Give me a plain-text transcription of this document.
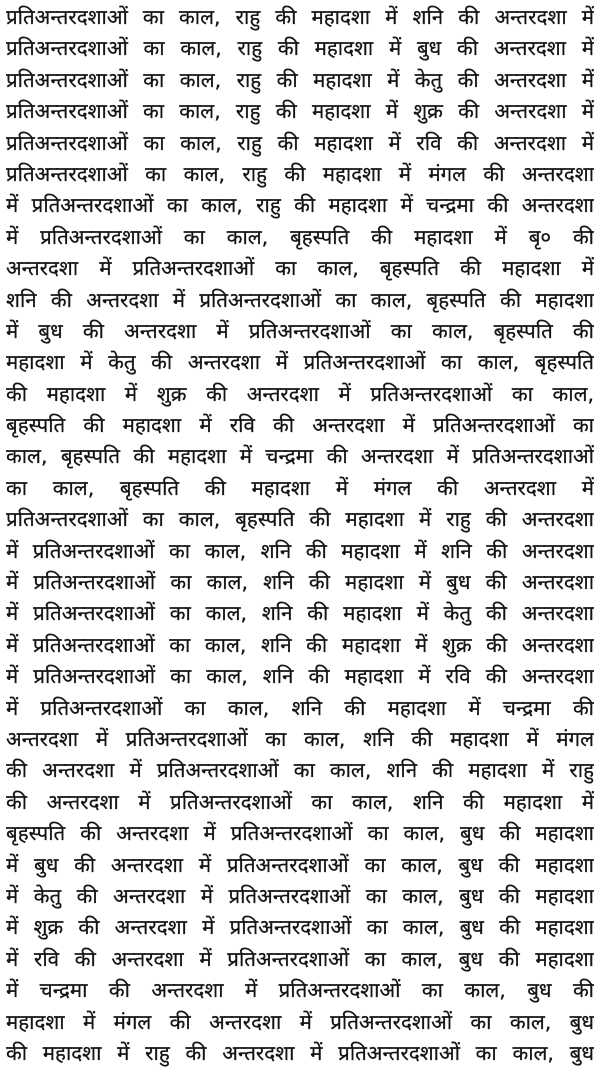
प्रतिअन्तरदशाओं का काल, राहु की महादशा में शनि की अन्तरदशा में
प्रतिअन्तरदशाओं का काल, राहु की महादशा में बुध की अन्तरदशा में
प्रतिअन्तरदशाओं का काल, राहु की महादशा में केतु की अन्तरदशा में
प्रतिअन्तरदशाओं का काल, राहु की महादशा में शुक्र की अन्तरदशा में
प्रतिअन्तरदशाओं का काल, राहु की महादशा में रवि की अन्तरदशा में
प्रतिअन्तरदशाओं का काल, राहु की महादशा में मंगल की अन्तरदशा
में प्रतिअन्तरदशाओं का काल, राहु की महादशा में चन्द्रमा की अन्तरदशा
में प्रतिअन्तरदशाओं का काल, बृहस्पति की महादशा में बृ० की
अन्तरदशा में प्रतिअन्तरदशाओं का काल, बृहस्पति की महादशा में
शनि की अन्तरदशा में प्रतिअन्तरदशाओं का काल, बृहस्पति की महादशा
में बुध की अन्तरदशा में प्रतिअन्तरदशाओं का काल, बृहस्पति की
महादशा में केतु की अन्तरदशा में प्रतिअन्तरदशाओं का काल, बृहस्पति
की महादशा में शुक्र की अन्तरदशा में प्रतिअन्तरदशाओं का काल,
बृहस्पति की महादशा में रवि की अन्तरदशा में प्रतिअन्तरदशाओं का
काल, बृहस्पति की महादशा में चन्द्रमा की अन्तरदशा में प्रतिअन्तरदशाओं
का काल, बृहस्पति की महादशा में मंगल की अन्तरदशा में
प्रतिअन्तरदशाओं का काल, बृहस्पति की महादशा में राहु की अन्तरदशा
में प्रतिअन्तरदशाओं का काल, शनि की महादशा में शनि की अन्तरदशा
में प्रतिअन्तरदशाओं का काल, शनि की महादशा में बुध की अन्तरदशा
में प्रतिअन्तरदशाओं का काल, शनि की महादशा में केतु की अन्तरदशा
में प्रतिअन्तरदशाओं का काल, शनि की महादशा में शुक्र की अन्तरदशा
में प्रतिअन्तरदशाओं का काल, शनि की महादशा में रवि की अन्तरदशा
में प्रतिअन्तरदशाओं का काल, शनि की महादशा में चन्द्रमा की
अन्तरदशा में प्रतिअन्तरदशाओं का काल, शनि की महादशा में मंगल
की अन्तरदशा में प्रतिअन्तरदशाओं का काल, शनि की महादशा में राहु
की अन्तरदशा में प्रतिअन्तरदशाओं का काल, शनि की महादशा में
बृहस्पति की अन्तरदशा में प्रतिअन्तरदशाओं का काल, बुध की महादशा
में बुध की अन्तरदशा में प्रतिअन्तरदशाओं का काल, बुध की महादशा
में केतु की अन्तरदशा में प्रतिअन्तरदशाओं का काल, बुध की महादशा
में शुक्र की अन्तरदशा में प्रतिअन्तरदशाओं का काल, बुध की महादशा
में रवि की अन्तरदशा में प्रतिअन्तरदशाओं का काल, बुध की महादशा
में चन्द्रमा की अन्तरदशा में प्रतिअन्तरदशाओं का काल, बुध की
महादशा में मंगल की अन्तरदशा में प्रतिअन्तरदशाओं का काल, बुध
की महादशा में राहु की अन्तरदशा में प्रतिअन्तरदशाओं का काल, बुध
